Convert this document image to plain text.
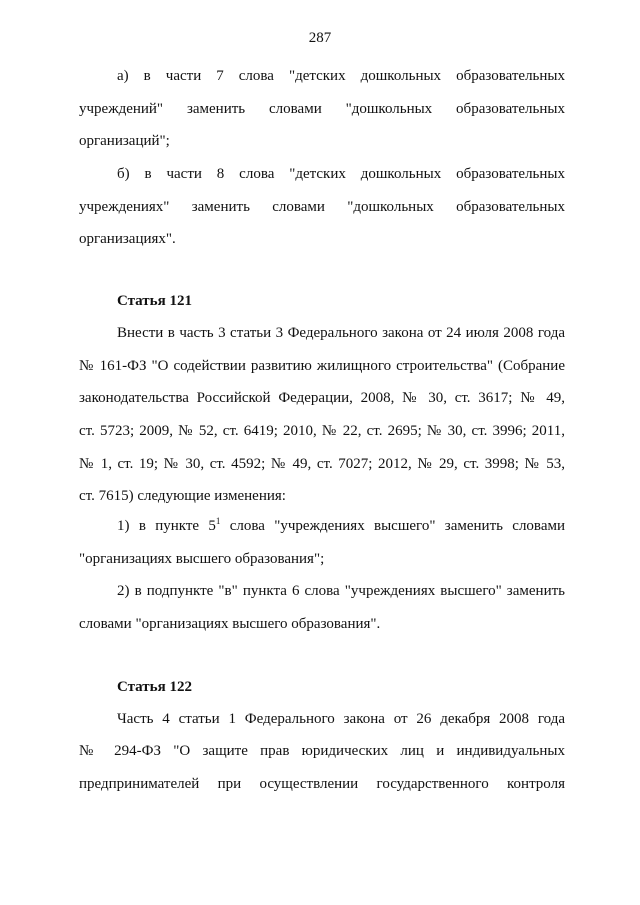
287
а) в части 7 слова "детских дошкольных образовательных
учреждений" заменить словами "дошкольных образовательных
организаций";
б) в части 8 слова "детских дошкольных образовательных
учреждениях" заменить словами "дошкольных образовательных
организациях".
Статья 121
Внести в часть 3 статьи 3 Федерального закона от 24 июля 2008 года
№ 161-ФЗ "О содействии развитию жилищного строительства" (Собрание
законодательства Российской Федерации, 2008, № 30, ст. 3617; № 49,
ст. 5723; 2009, № 52, ст. 6419; 2010, № 22, ст. 2695; № 30, ст. 3996; 2011,
№ 1, ст. 19; № 30, ст. 4592; № 49, ст. 7027; 2012, № 29, ст. 3998; № 53,
ст. 7615) следующие изменения:
1) в пункте $5^1$ слова "учреждениях высшего" заменить словами
"организациях высшего образования";
2) в подпункте "в" пункта 6 слова "учреждениях высшего" заменить
словами "организациях высшего образования".
Статья 122
Часть 4 статьи 1 Федерального закона от 26 декабря 2008 года
№ 294-ФЗ "О защите прав юридических лиц и индивидуальных
предпринимателей при осуществлении государственного контроля
